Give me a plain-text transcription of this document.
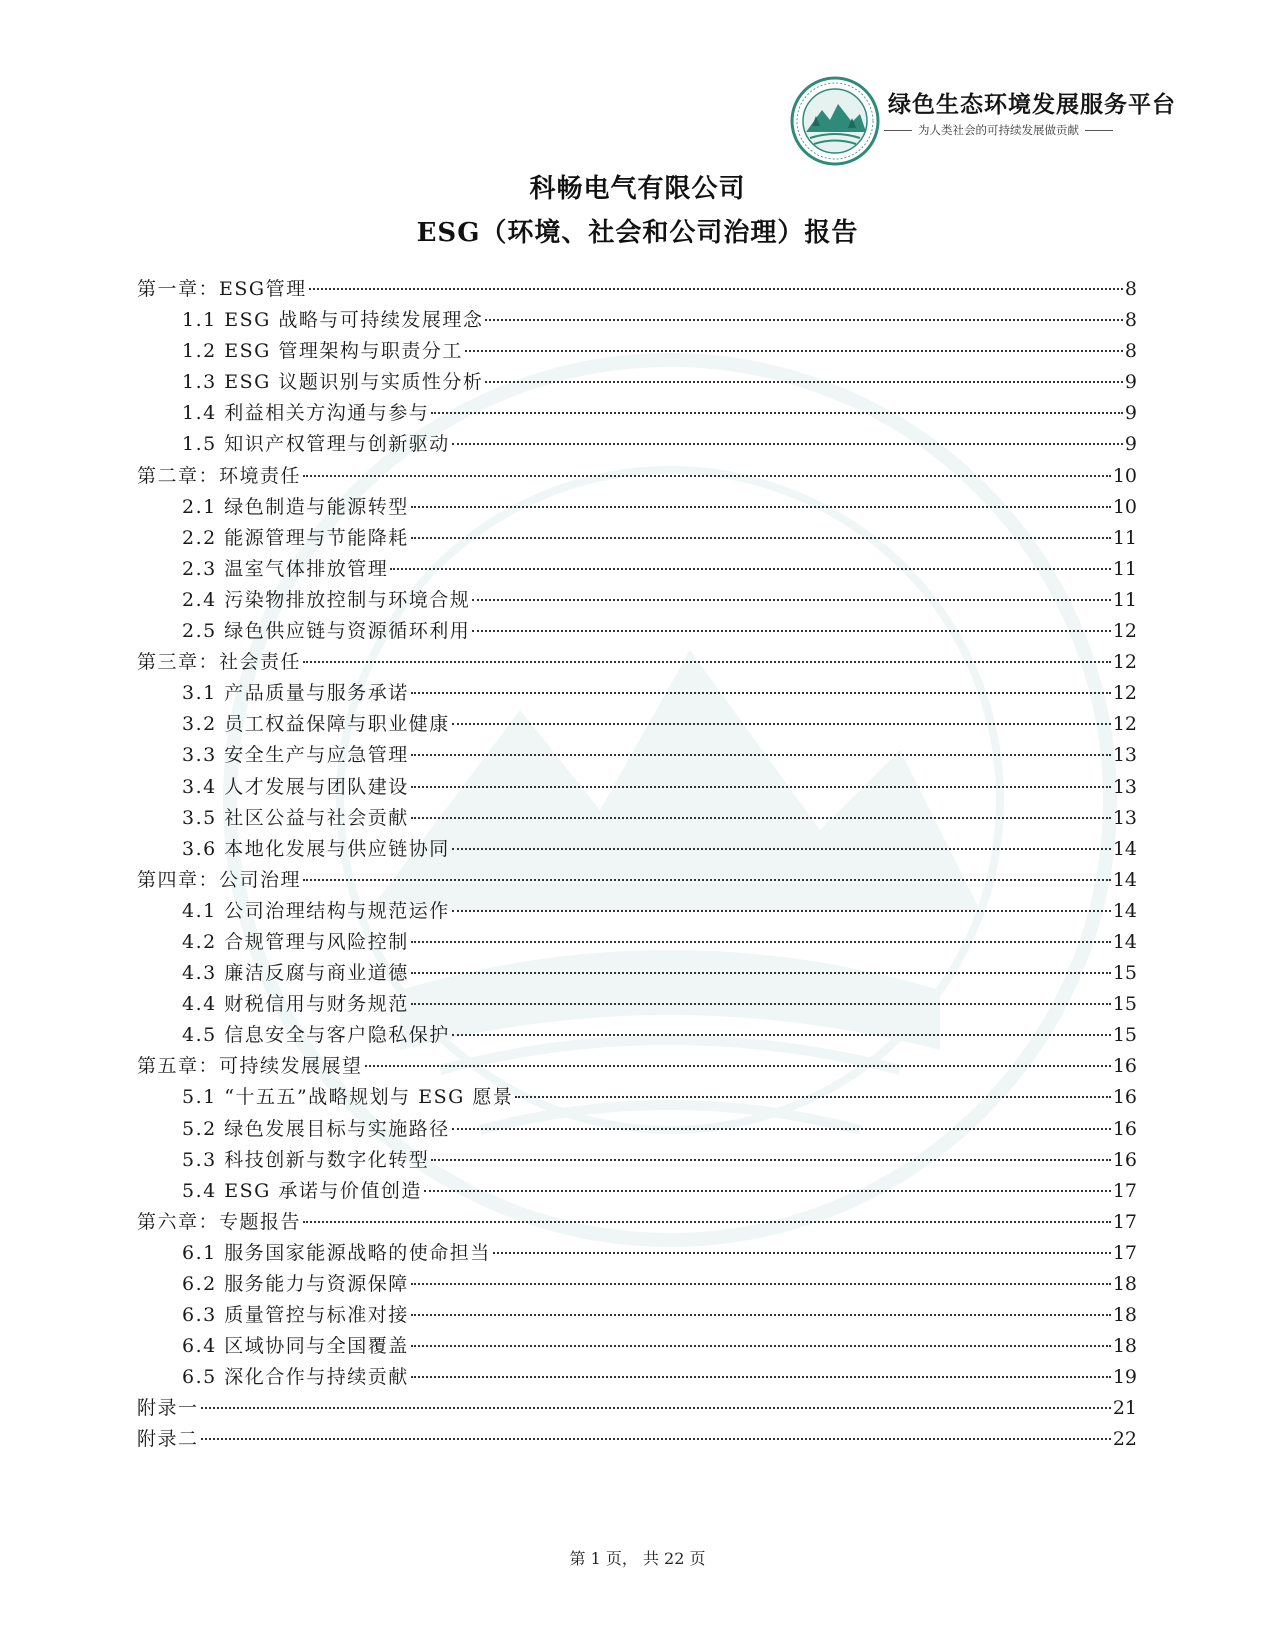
绿色生态环境发展服务平台
为人类社会的可持续发展做贡献
科畅电气有限公司
ESG（环境、社会和公司治理）报告
第一章：ESG管理	8
1.1 ESG 战略与可持续发展理念	8
1.2 ESG 管理架构与职责分工	8
1.3 ESG 议题识别与实质性分析	9
1.4 利益相关方沟通与参与	9
1.5 知识产权管理与创新驱动	9
第二章：环境责任	10
2.1 绿色制造与能源转型	10
2.2 能源管理与节能降耗	11
2.3 温室气体排放管理	11
2.4 污染物排放控制与环境合规	11
2.5 绿色供应链与资源循环利用	12
第三章：社会责任	12
3.1 产品质量与服务承诺	12
3.2 员工权益保障与职业健康	12
3.3 安全生产与应急管理	13
3.4 人才发展与团队建设	13
3.5 社区公益与社会贡献	13
3.6 本地化发展与供应链协同	14
第四章：公司治理	14
4.1 公司治理结构与规范运作	14
4.2 合规管理与风险控制	14
4.3 廉洁反腐与商业道德	15
4.4 财税信用与财务规范	15
4.5 信息安全与客户隐私保护	15
第五章：可持续发展展望	16
5.1 “十五五”战略规划与 ESG 愿景	16
5.2 绿色发展目标与实施路径	16
5.3 科技创新与数字化转型	16
5.4 ESG 承诺与价值创造	17
第六章：专题报告	17
6.1 服务国家能源战略的使命担当	17
6.2 服务能力与资源保障	18
6.3 质量管控与标准对接	18
6.4 区域协同与全国覆盖	18
6.5 深化合作与持续贡献	19
附录一	21
附录二	22
第 1 页， 共 22 页
